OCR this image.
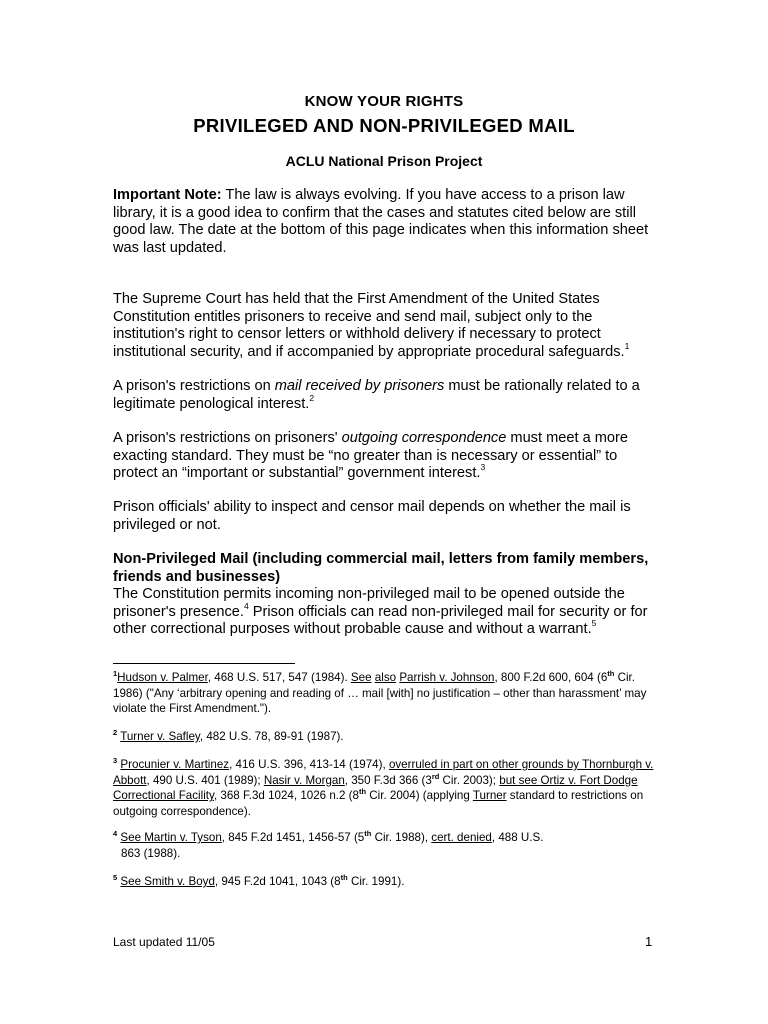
KNOW YOUR RIGHTS
PRIVILEGED AND NON-PRIVILEGED MAIL
ACLU National Prison Project

Important Note: The law is always evolving. If you have access to a prison law library, it is a good idea to confirm that the cases and statutes cited below are still good law. The date at the bottom of this page indicates when this information sheet was last updated.

The Supreme Court has held that the First Amendment of the United States Constitution entitles prisoners to receive and send mail, subject only to the institution's right to censor letters or withhold delivery if necessary to protect institutional security, and if accompanied by appropriate procedural safeguards.$^1$

A prison's restrictions on mail received by prisoners must be rationally related to a legitimate penological interest.$^2$

A prison's restrictions on prisoners' outgoing correspondence must meet a more exacting standard. They must be “no greater than is necessary or essential” to protect an “important or substantial” government interest.$^3$

Prison officials' ability to inspect and censor mail depends on whether the mail is privileged or not.

Non-Privileged Mail (including commercial mail, letters from family members, friends and businesses)

The Constitution permits incoming non-privileged mail to be opened outside the prisoner's presence.$^4$ Prison officials can read non-privileged mail for security or for other correctional purposes without probable cause and without a warrant.$^5$

$^1$Hudson v. Palmer, 468 U.S. 517, 547 (1984). See also Parrish v. Johnson, 800 F.2d 600, 604 (6th Cir. 1986) ("Any ‘arbitrary opening and reading of … mail [with] no justification – other than harassment’ may violate the First Amendment.").

$^2$ Turner v. Safley, 482 U.S. 78, 89-91 (1987).

$^3$ Procunier v. Martinez, 416 U.S. 396, 413-14 (1974), overruled in part on other grounds by Thornburgh v. Abbott, 490 U.S. 401 (1989); Nasir v. Morgan, 350 F.3d 366 (3rd Cir. 2003); but see Ortiz v. Fort Dodge Correctional Facility, 368 F.3d 1024, 1026 n.2 (8th Cir. 2004) (applying Turner standard to restrictions on outgoing correspondence).

$^4$ See Martin v. Tyson, 845 F.2d 1451, 1456-57 (5th Cir. 1988), cert. denied, 488 U.S.

863 (1988).

$^5$ See Smith v. Boyd, 945 F.2d 1041, 1043 (8th Cir. 1991).

Last updated 11/05	1
